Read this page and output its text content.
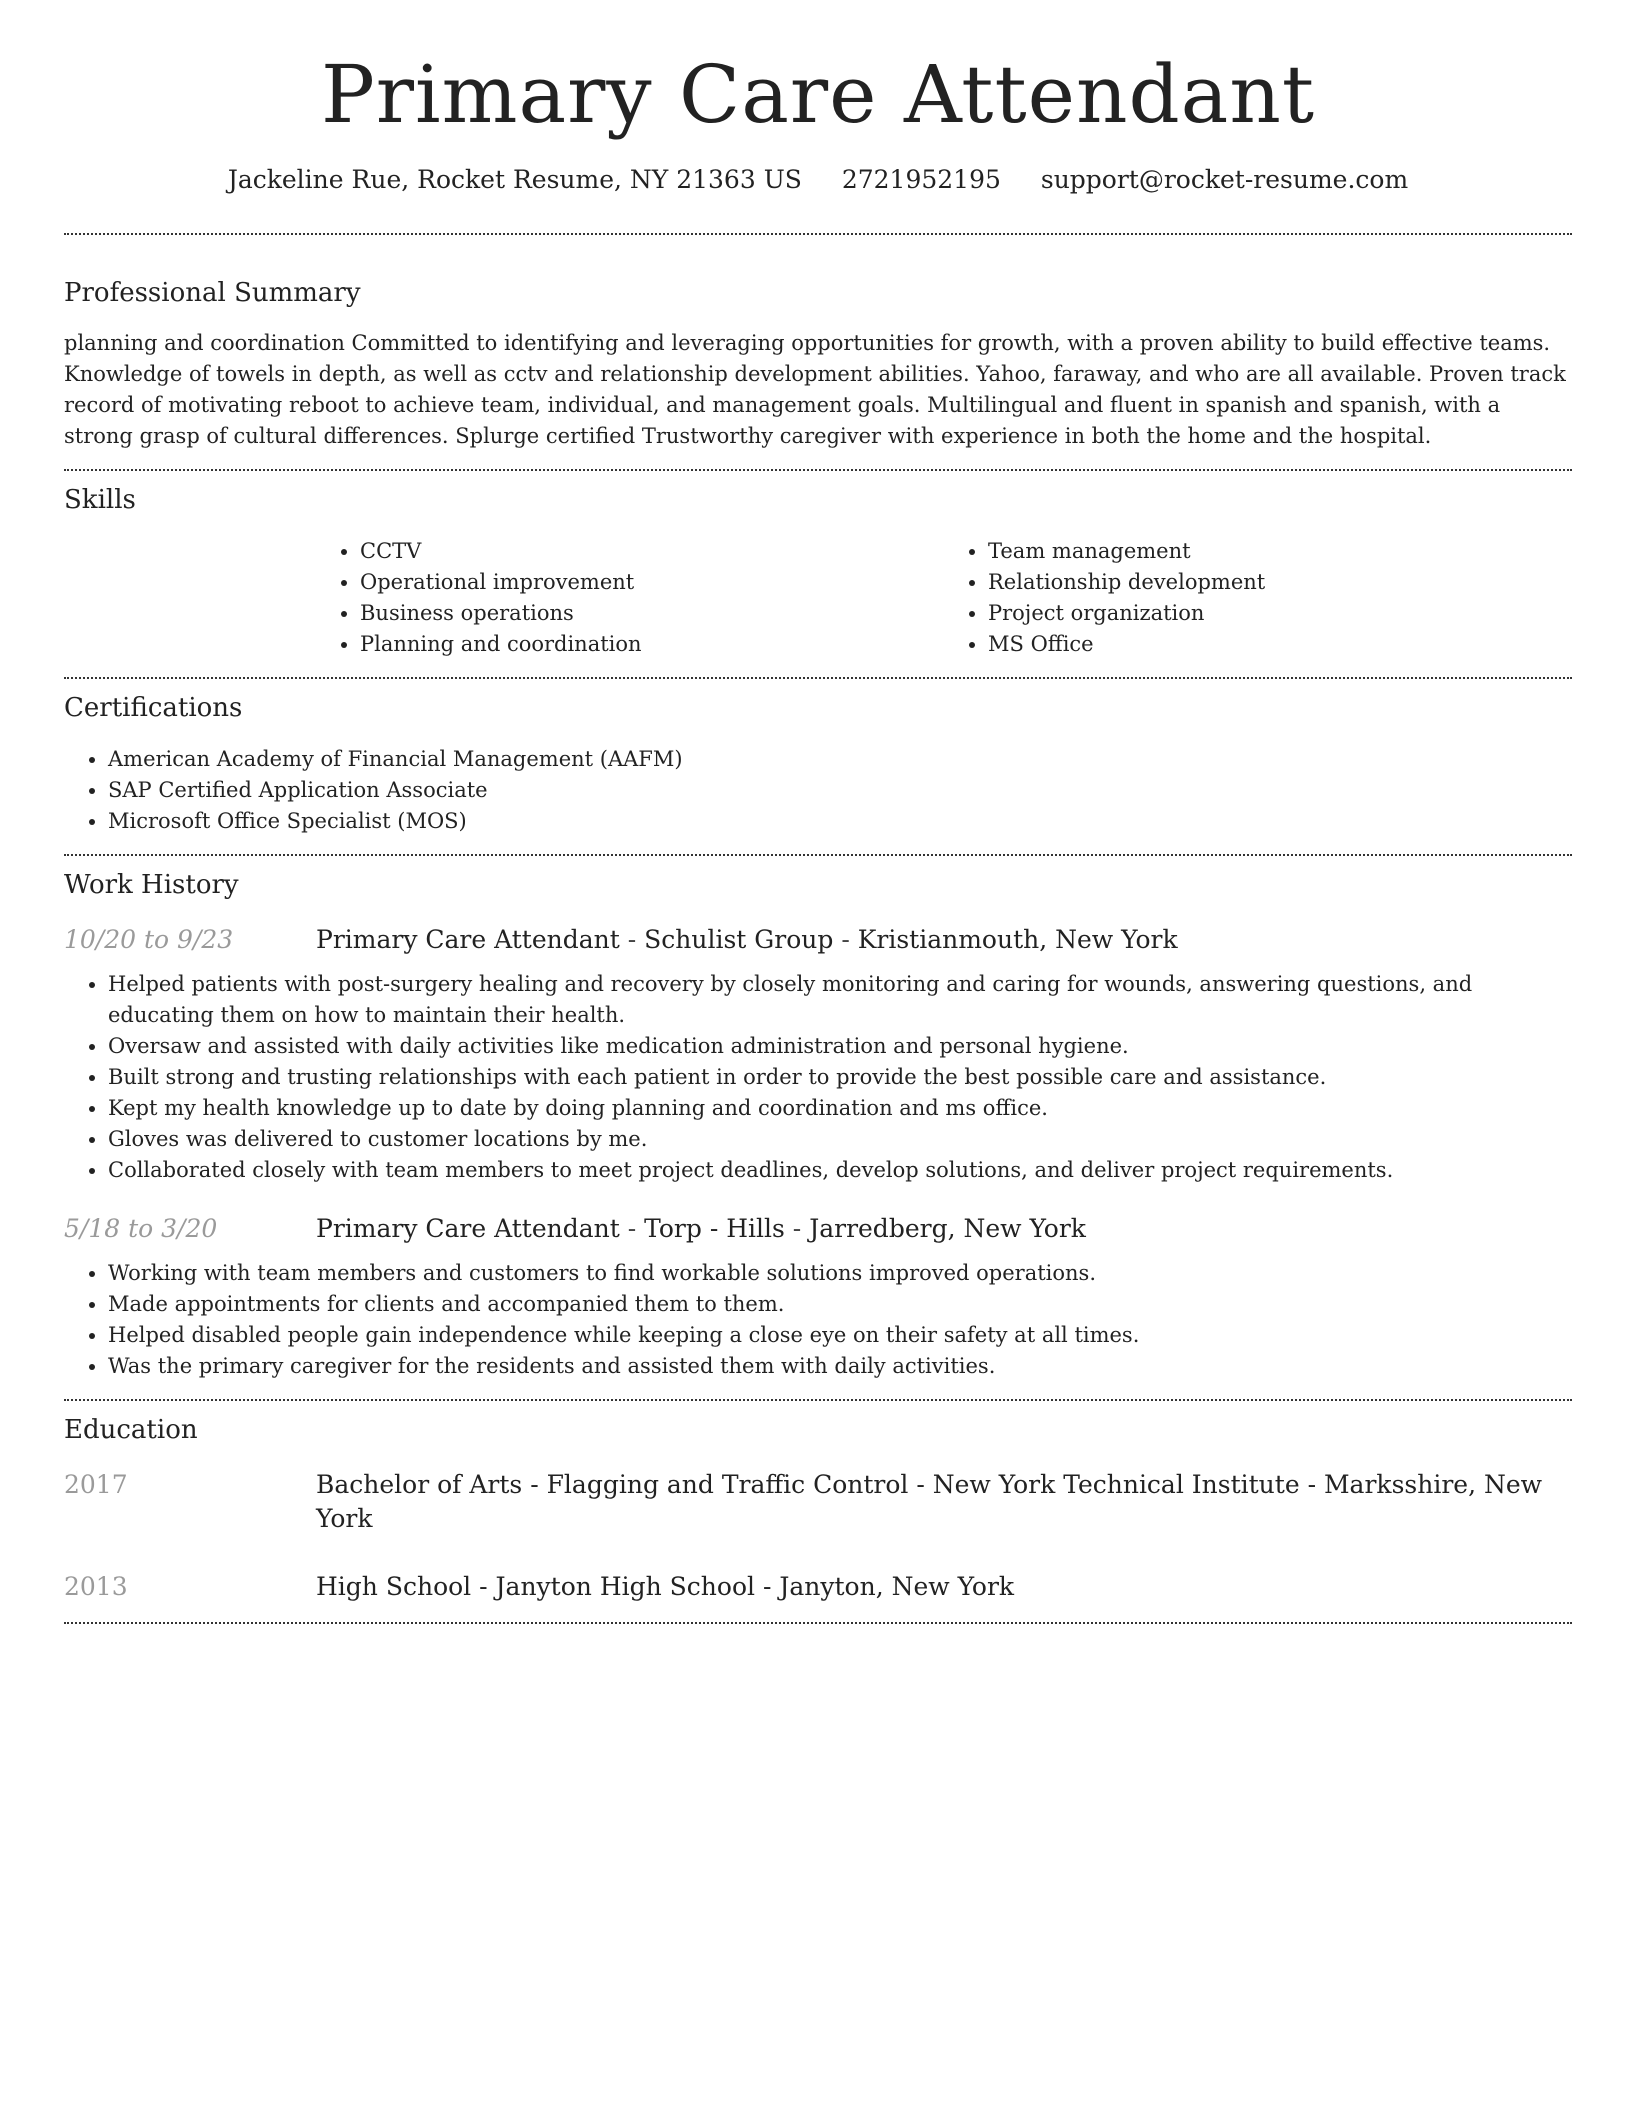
Primary Care Attendant
Jackeline Rue, Rocket Resume, NY 21363 US 2721952195 support@rocket-resume.com
Professional Summary

planning and coordination Committed to identifying and leveraging opportunities for growth, with a proven ability to build effective teams. Knowledge of towels in depth, as well as cctv and relationship development abilities. Yahoo, faraway, and who are all available. Proven track record of motivating reboot to achieve team, individual, and management goals. Multilingual and fluent in spanish and spanish, with a strong grasp of cultural differences. Splurge certified Trustworthy caregiver with experience in both the home and the hospital.

Skills
• CCTV
• Operational improvement
• Business operations
• Planning and coordination
• Team management
• Relationship development
• Project organization
• MS Office
Certifications
• American Academy of Financial Management (AAFM)
• SAP Certified Application Associate
• Microsoft Office Specialist (MOS)
Work History
10/20 to 9/23	Primary Care Attendant - Schulist Group - Kristianmouth, New York
• Helped patients with post-surgery healing and recovery by closely monitoring and caring for wounds, answering questions, and educating them on how to maintain their health.
• Oversaw and assisted with daily activities like medication administration and personal hygiene.
• Built strong and trusting relationships with each patient in order to provide the best possible care and assistance.
• Kept my health knowledge up to date by doing planning and coordination and ms office.
• Gloves was delivered to customer locations by me.
• Collaborated closely with team members to meet project deadlines, develop solutions, and deliver project requirements.
5/18 to 3/20	Primary Care Attendant - Torp - Hills - Jarredberg, New York
• Working with team members and customers to find workable solutions improved operations.
• Made appointments for clients and accompanied them to them.
• Helped disabled people gain independence while keeping a close eye on their safety at all times.
• Was the primary caregiver for the residents and assisted them with daily activities.
Education
2017	Bachelor of Arts - Flagging and Traffic Control - New York Technical Institute - Marksshire, New York
2013	High School - Janyton High School - Janyton, New York
